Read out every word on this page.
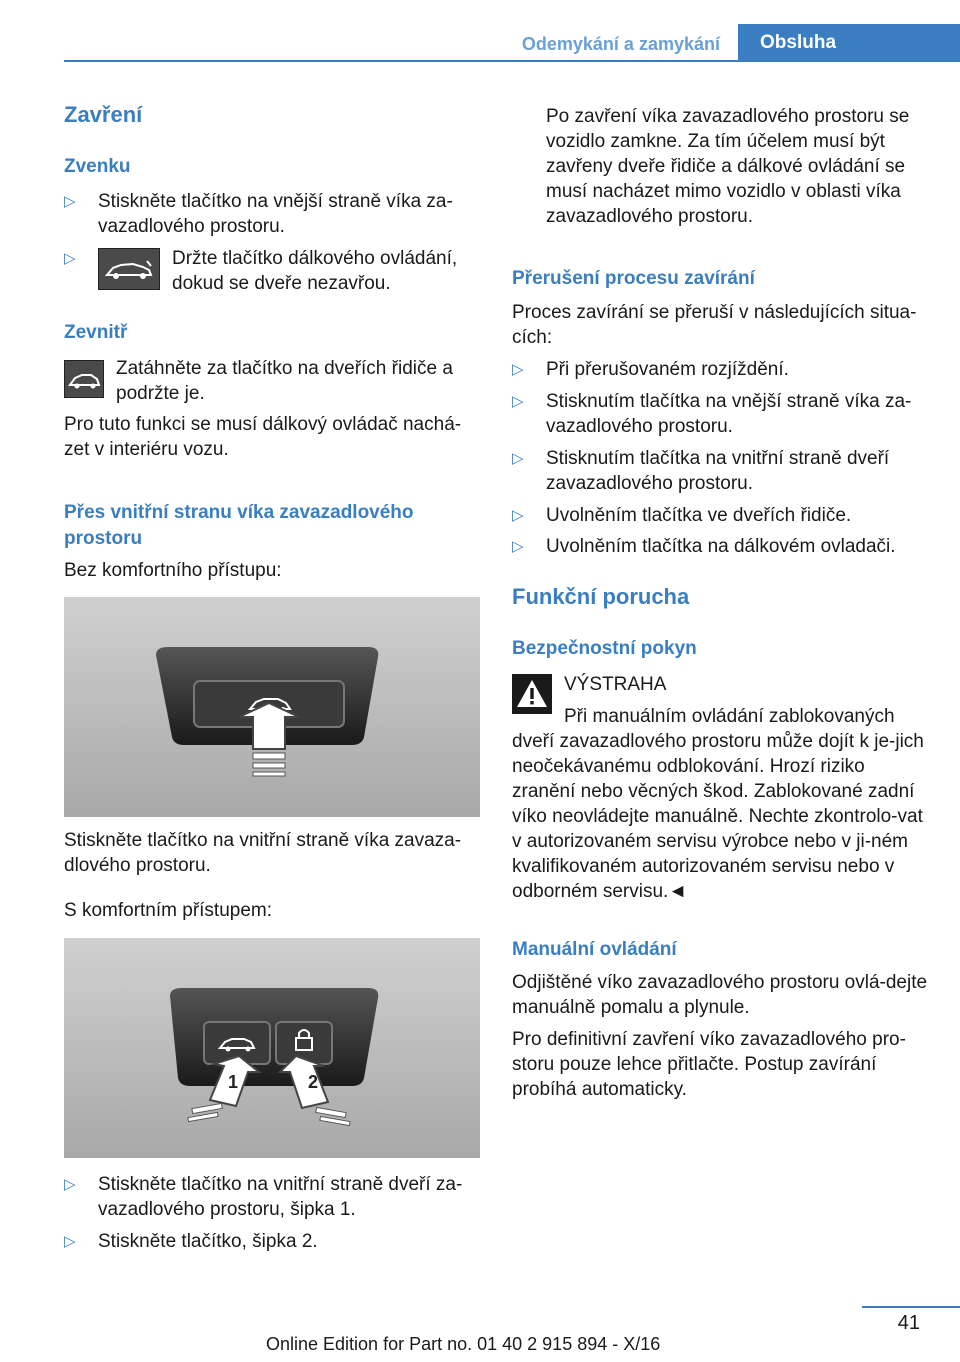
Odemykání a zamykání	Obsluha
Zavření
Zvenku
▷ Stiskněte tlačítko na vnější straně víka za-vazadlového prostoru.
▷	Držte tlačítko dálkového ovládání, dokud se dveře nezavřou.
Zevnitř
Zatáhněte za tlačítko na dveřích řidiče a podržte je.
Pro tuto funkci se musí dálkový ovládač nachá-zet v interiéru vozu.
Přes vnitřní stranu víka zavazadlového prostoru
Bez komfortního přístupu:
Stiskněte tlačítko na vnitřní straně víka zavaza-dlového prostoru.
S komfortním přístupem:
1	2
▷ Stiskněte tlačítko na vnitřní straně dveří za-vazadlového prostoru, šipka 1.
▷ Stiskněte tlačítko, šipka 2.
Po zavření víka zavazadlového prostoru se vozidlo zamkne. Za tím účelem musí být zavřeny dveře řidiče a dálkové ovládání se musí nacházet mimo vozidlo v oblasti víka zavazadlového prostoru.
Přerušení procesu zavírání
Proces zavírání se přeruší v následujících situa-cích:
▷ Při přerušovaném rozjíždění.
▷ Stisknutím tlačítka na vnější straně víka za-vazadlového prostoru.
▷ Stisknutím tlačítka na vnitřní straně dveří zavazadlového prostoru.
▷ Uvolněním tlačítka ve dveřích řidiče.
▷ Uvolněním tlačítka na dálkovém ovladači.
Funkční porucha
Bezpečnostní pokyn
VÝSTRAHA
Při manuálním ovládání zablokovaných dveří zavazadlového prostoru může dojít k je-jich neočekávanému odblokování. Hrozí riziko zranění nebo věcných škod. Zablokované zadní víko neovládejte manuálně. Nechte zkontrolo-vat v autorizovaném servisu výrobce nebo v ji-ném kvalifikovaném autorizovaném servisu nebo v odborném servisu.◄
Manuální ovládání
Odjištěné víko zavazadlového prostoru ovlá-dejte manuálně pomalu a plynule.
Pro definitivní zavření víko zavazadlového pro-storu pouze lehce přitlačte. Postup zavírání probíhá automaticky.
41
Online Edition for Part no. 01 40 2 915 894 - X/16
